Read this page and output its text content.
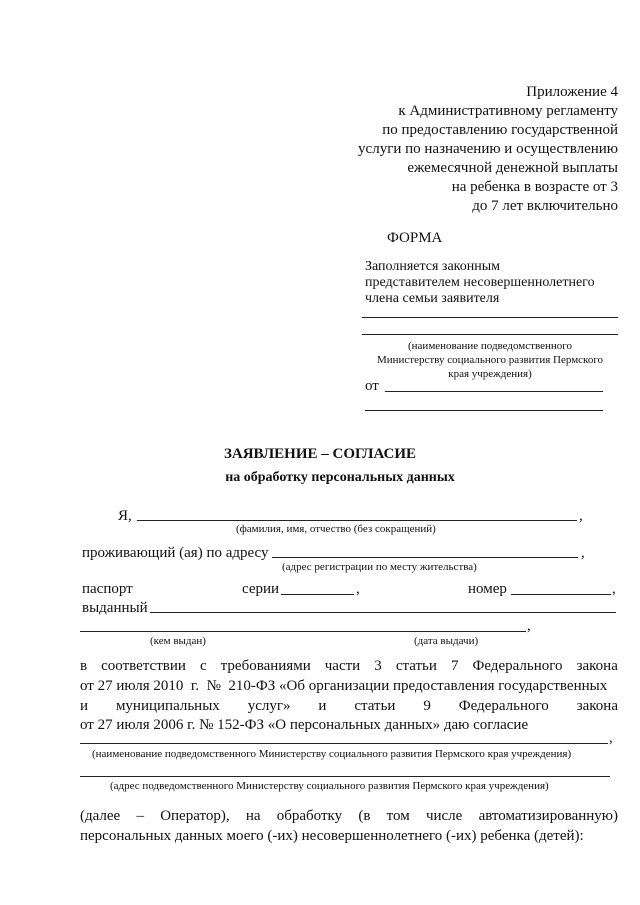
Приложение 4
к Административному регламенту
по предоставлению государственной
услуги по назначению и осуществлению
ежемесячной денежной выплаты
на ребенка в возрасте от 3
до 7 лет включительно
ФОРМА
Заполняется законным
представителем несовершеннолетнего
члена семьи заявителя
(наименование подведомственного
Министерству социального развития Пермского
края учреждения)
от
ЗАЯВЛЕНИЕ – СОГЛАСИЕ
на обработку персональных данных
Я,	,
(фамилия, имя, отчество (без сокращений)
проживающий (ая) по адресу	,
(адрес регистрации по месту жительства)
паспорт	серии	,	номер	,
выданный
,
(кем выдан)	(дата выдачи)
в соответствии с требованиями части 3 статьи 7 Федерального закона
от 27 июля 2010  г.  №  210-ФЗ «Об организации предоставления государственных
и муниципальных услуг» и статьи 9 Федерального закона
от 27 июля 2006 г. № 152-ФЗ «О персональных данных» даю согласие
,
(наименование подведомственного Министерству социального развития Пермского края учреждения)
(адрес подведомственного Министерству социального развития Пермского края учреждения)
(далее – Оператор), на обработку (в том числе автоматизированную)
персональных данных моего (-их) несовершеннолетнего (-их) ребенка (детей):
